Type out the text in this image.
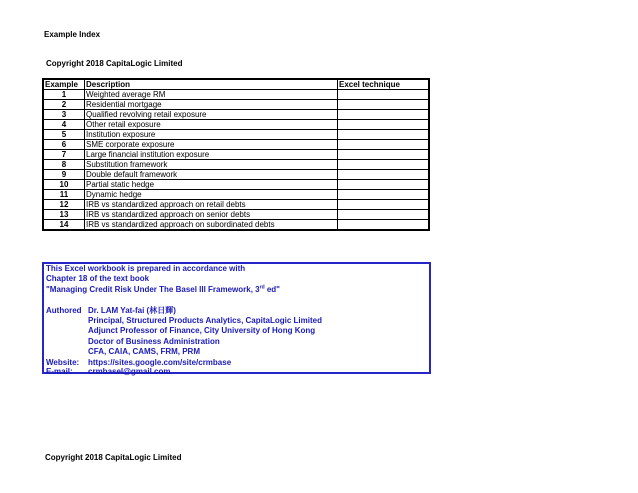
Example Index
Copyright 2018 CapitaLogic Limited
Example	Description	Excel technique
1	Weighted average RM	
2	Residential mortgage	
3	Qualified revolving retail exposure	
4	Other retail exposure	
5	Institution exposure	
6	SME corporate exposure	
7	Large financial institution exposure	
8	Substitution framework	
9	Double default framework	
10	Partial static hedge	
11	Dynamic hedge	
12	IRB vs standardized approach on retail debts	
13	IRB vs standardized approach on senior debts	
14	IRB vs standardized approach on subordinated debts	
This Excel workbook is prepared in accordance with
Chapter 18 of the text book
"Managing Credit Risk Under The Basel III Framework, 3rd ed"
Authored Dr. LAM Yat-fai (林日輝)
Principal, Structured Products Analytics, CapitaLogic Limited
Adjunct Professor of Finance, City University of Hong Kong
Doctor of Business Administration
CFA, CAIA, CAMS, FRM, PRM
Website: https://sites.google.com/site/crmbase
E-mail: crmbasel@gmail.com
Copyright 2018 CapitaLogic Limited
